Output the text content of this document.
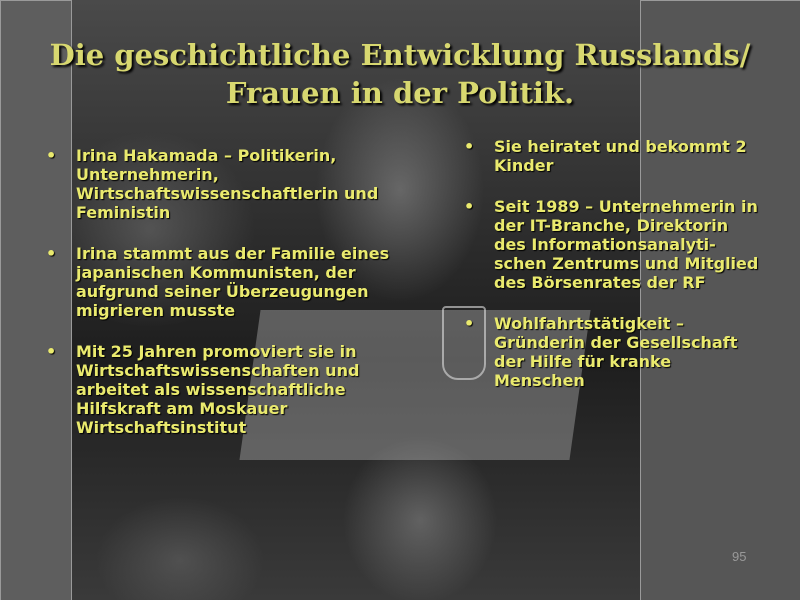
Die geschichtliche Entwicklung Russlands/
Frauen in der Politik.
• Irina Hakamada – Politikerin, Unternehmerin, Wirtschaftswissenschaftlerin und Feministin
• Irina stammt aus der Familie eines japanischen Kommunisten, der aufgrund seiner Überzeugungen migrieren musste
• Mit 25 Jahren promoviert sie in Wirtschaftswissenschaften und arbeitet als wissenschaftliche Hilfskraft am Moskauer Wirtschaftsinstitut
• Sie heiratet und bekommt 2 Kinder
• Seit 1989 – Unternehmerin in der IT-Branche, Direktorin des Informationsanalyti-schen Zentrums und Mitglied des Börsenrates der RF
• Wohlfahrtstätigkeit – Gründerin der Gesellschaft der Hilfe für kranke Menschen
95
